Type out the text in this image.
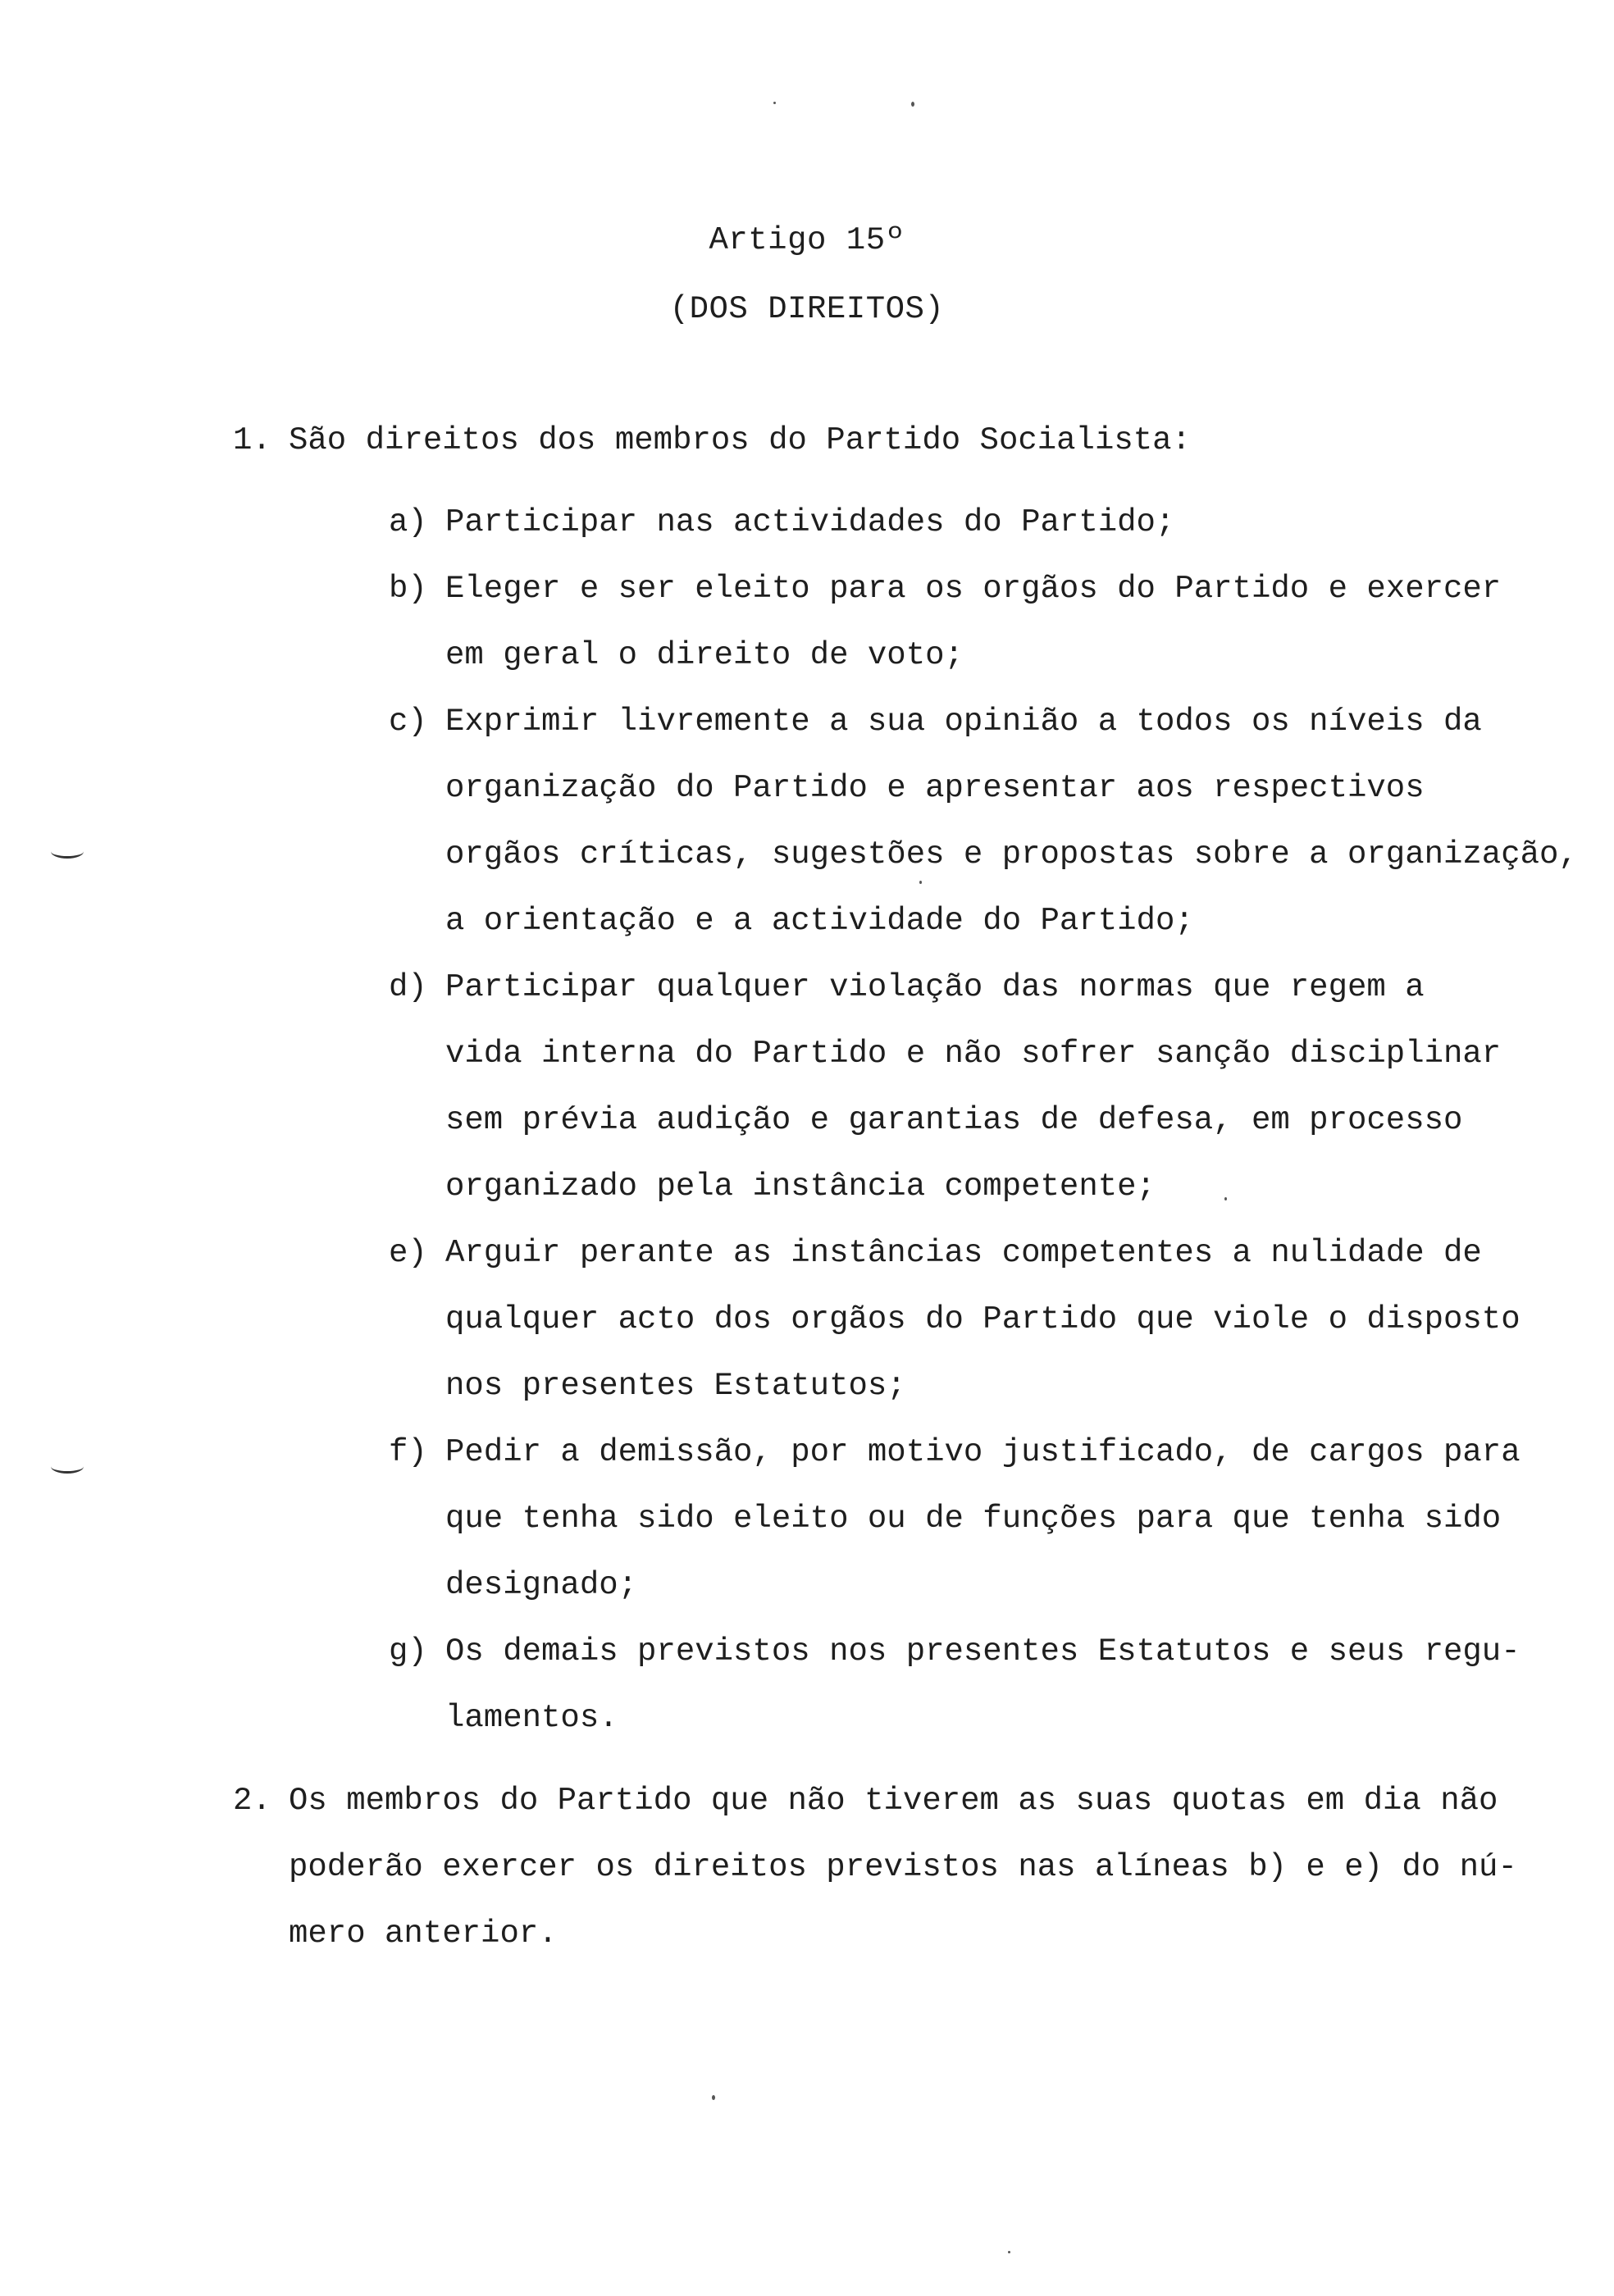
Artigo 15º
(DOS DIREITOS)
1. São direitos dos membros do Partido Socialista:
a) Participar nas actividades do Partido;
b) Eleger e ser eleito para os orgãos do Partido e exercer
em geral o direito de voto;
c) Exprimir livremente a sua opinião a todos os níveis da
organização do Partido e apresentar aos respectivos
orgãos críticas, sugestões e propostas sobre a organização,
a orientação e a actividade do Partido;
d) Participar qualquer violação das normas que regem a
vida interna do Partido e não sofrer sanção disciplinar
sem prévia audição e garantias de defesa, em processo
organizado pela instância competente;
e) Arguir perante as instâncias competentes a nulidade de
qualquer acto dos orgãos do Partido que viole o disposto
nos presentes Estatutos;
f) Pedir a demissão, por motivo justificado, de cargos para
que tenha sido eleito ou de funções para que tenha sido
designado;
g) Os demais previstos nos presentes Estatutos e seus regu-
lamentos.
2. Os membros do Partido que não tiverem as suas quotas em dia não
poderão exercer os direitos previstos nas alíneas b) e e) do nú-
mero anterior.
